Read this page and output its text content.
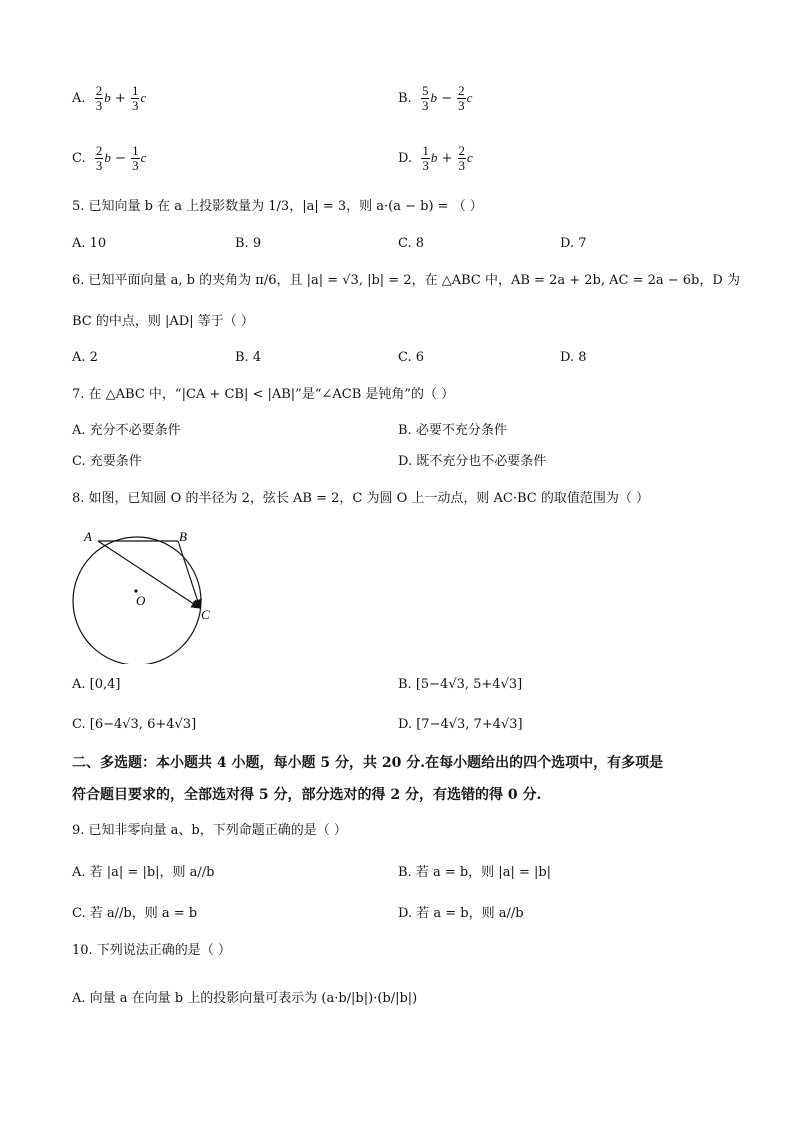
A. $\frac{2}{3}$ $b + \frac{1}{3}$ c	B. $\frac{5}{3}$ $b - \frac{2}{3}$ c
C. $\frac{2}{3}$ $b - \frac{1}{3}$ c	D. $\frac{1}{3}$ $b + \frac{2}{3}$ c
5. 已知向量 b 在 a 上投影数量为 1/3，|a| = 3，则 a·(a − b) = （ ）
A. 10	B. 9	C. 8	D. 7
6. 已知平面向量 a, b 的夹角为 π/6，且 |a| = √3, |b| = 2，在 △ABC 中，AB = 2a + 2b, AC = 2a − 6b，D 为
BC 的中点，则 |AD| 等于（ ）
A. 2	B. 4	C. 6	D. 8
7. 在 △ABC 中，“|CA + CB| < |AB|”是“∠ACB 是钝角”的（ ）
A. 充分不必要条件	B. 必要不充分条件
C. 充要条件	D. 既不充分也不必要条件
8. 如图，已知圆 O 的半径为 2，弦长 AB = 2，C 为圆 O 上一动点，则 AC·BC 的取值范围为（ ）
A	B
C
O
A. [0,4]	B. [5−4√3, 5+4√3]
C. [6−4√3, 6+4√3]	D. [7−4√3, 7+4√3]
二、多选题：本小题共 4 小题，每小题 5 分，共 20 分.在每小题给出的四个选项中，有多项是
符合题目要求的，全部选对得 5 分，部分选对的得 2 分，有选错的得 0 分.
9. 已知非零向量 a、b，下列命题正确的是（ ）
A. 若 |a| = |b|，则 a//b	B. 若 a = b，则 |a| = |b|
C. 若 a//b，则 a = b	D. 若 a = b，则 a//b
10. 下列说法正确的是（ ）
A. 向量 a 在向量 b 上的投影向量可表示为 (a·b/|b|)·(b/|b|)
